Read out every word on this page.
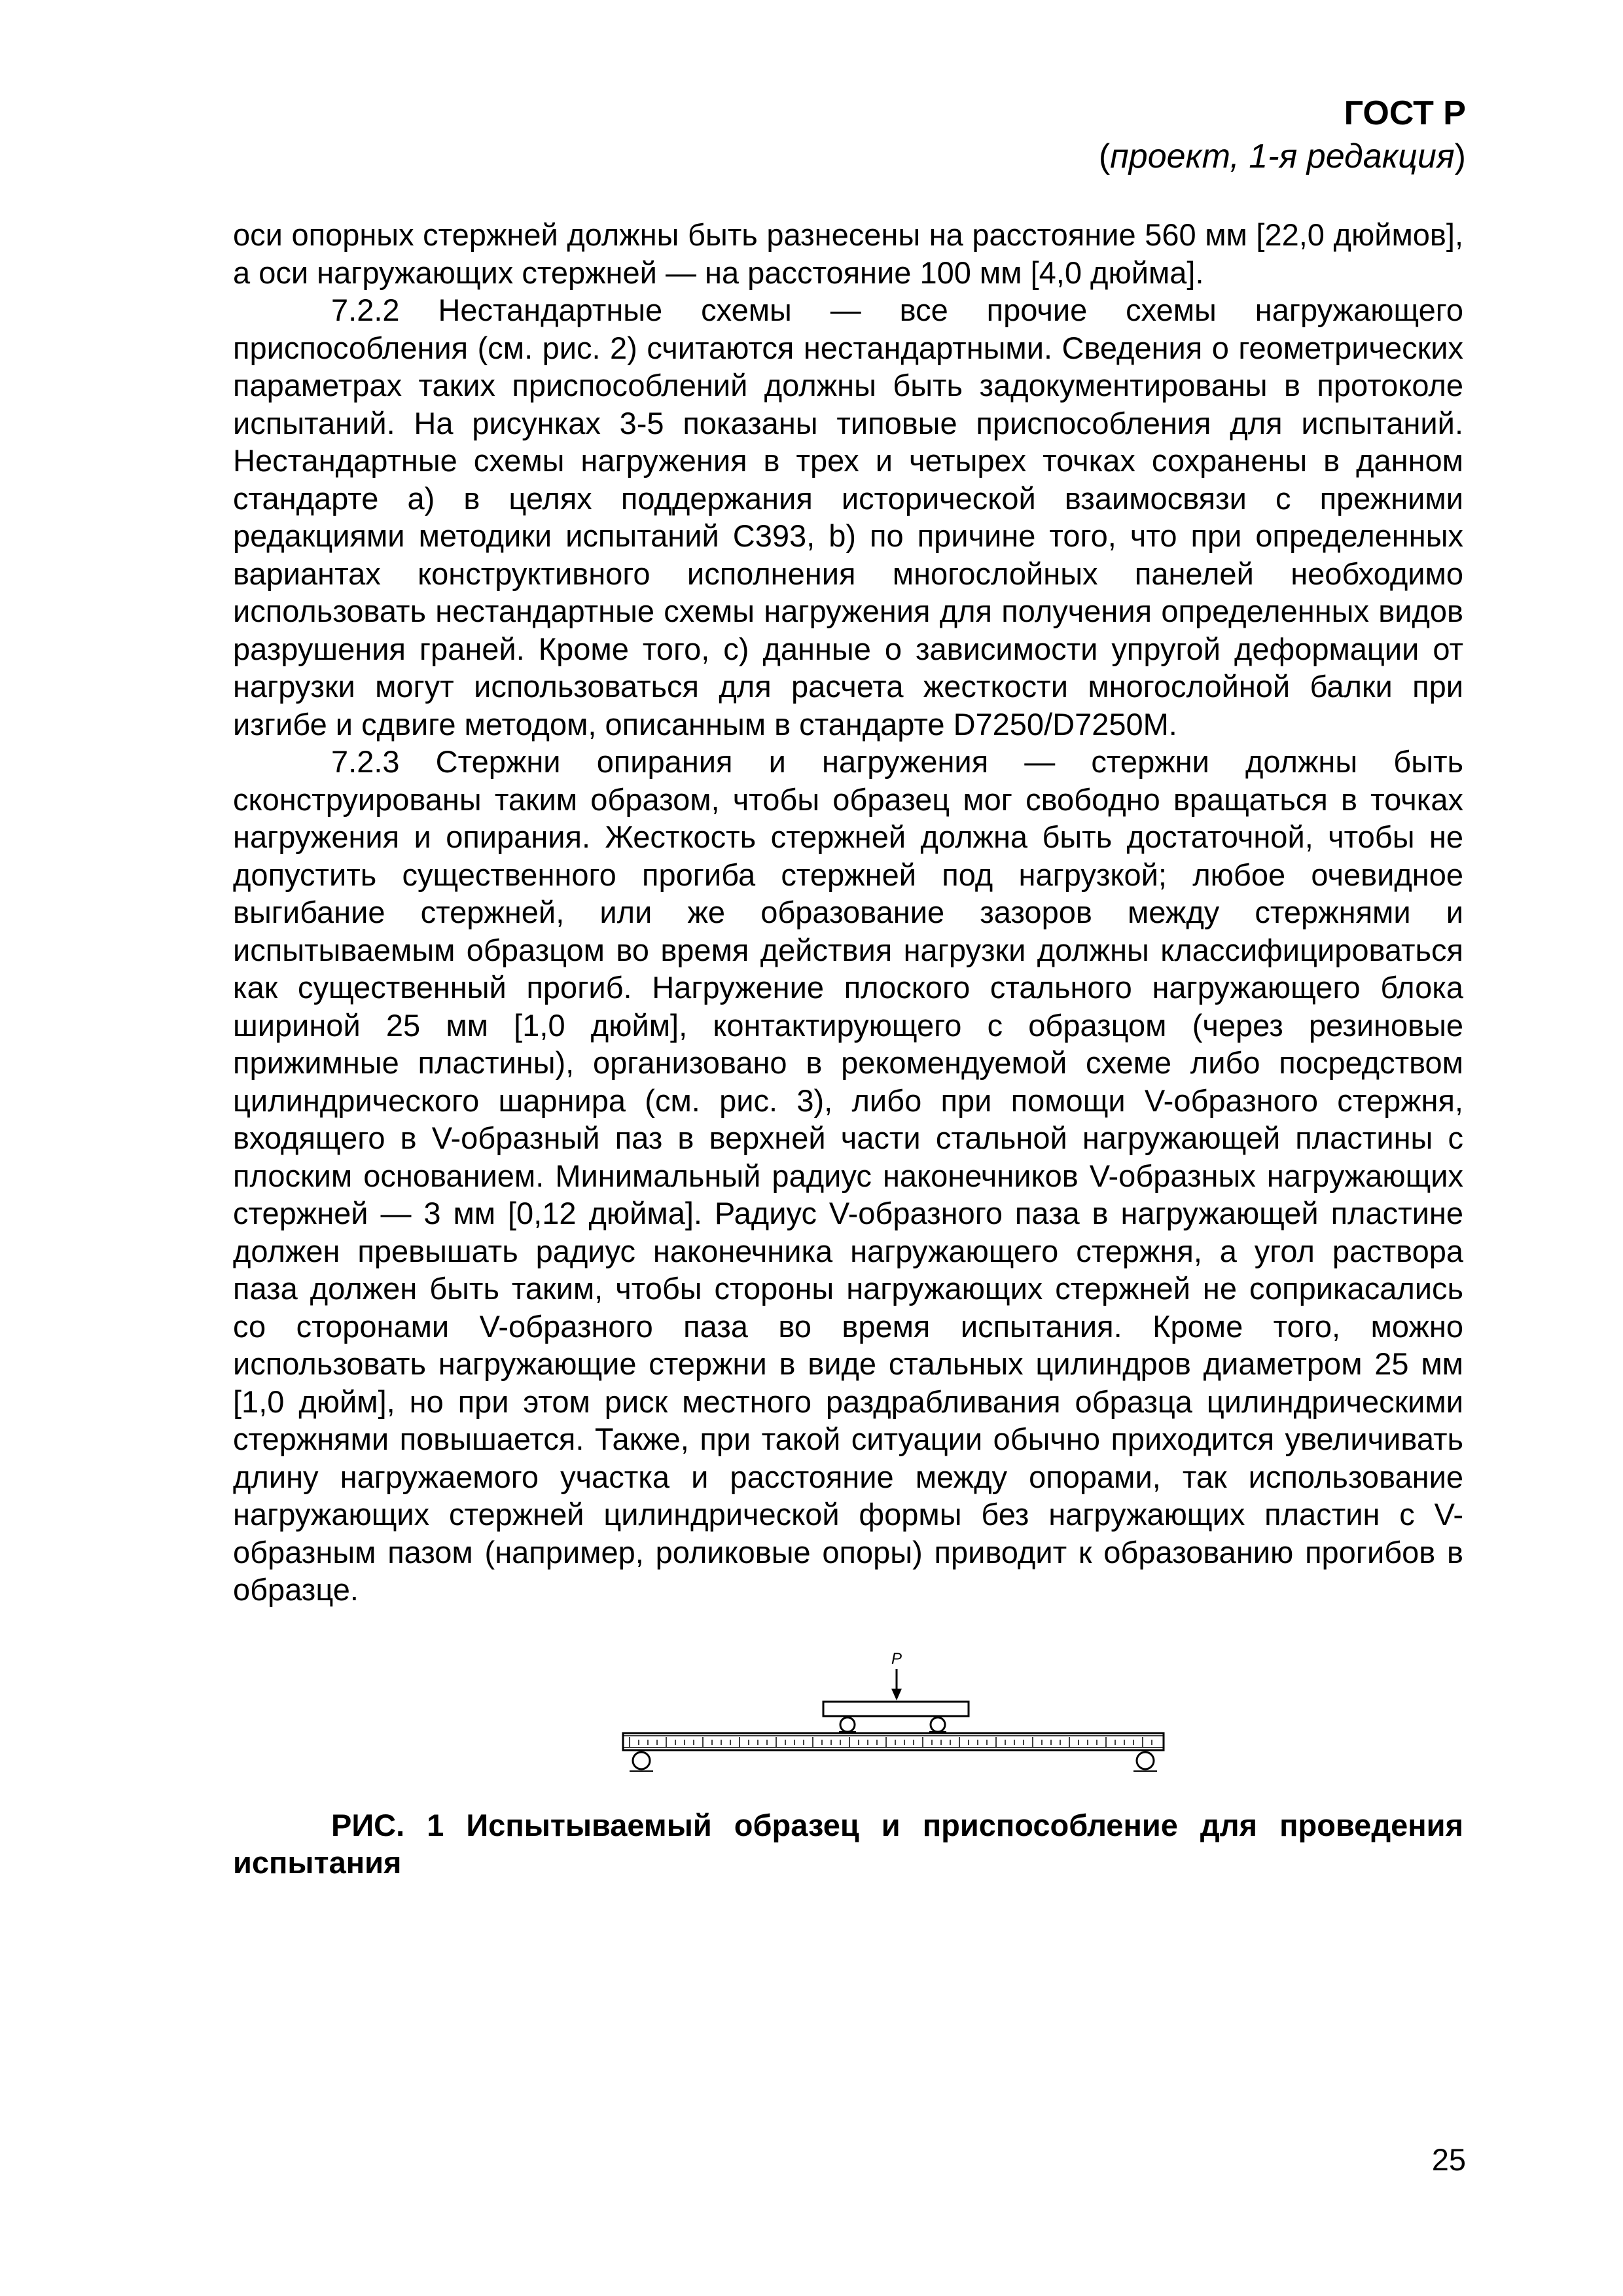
ГОСТ Р
(проект, 1-я редакция)

оси опорных стержней должны быть разнесены на расстояние 560 мм [22,0 дюймов], а оси нагружающих стержней — на расстояние 100 мм [4,0 дюйма].

7.2.2 Нестандартные схемы — все прочие схемы нагружающего приспособления (см. рис. 2) считаются нестандартными. Сведения о геометрических параметрах таких приспособлений должны быть задокументированы в протоколе испытаний. На рисунках 3-5 показаны типовые приспособления для испытаний. Нестандартные схемы нагружения в трех и четырех точках сохранены в данном стандарте а) в целях поддержания исторической взаимосвязи с прежними редакциями методики испытаний C393, b) по причине того, что при определенных вариантах конструктивного исполнения многослойных панелей необходимо использовать нестандартные схемы нагружения для получения определенных видов разрушения граней. Кроме того, c) данные о зависимости упругой деформации от нагрузки могут использоваться для расчета жесткости многослойной балки при изгибе и сдвиге методом, описанным в стандарте D7250/D7250M.

7.2.3 Стержни опирания и нагружения — стержни должны быть сконструированы таким образом, чтобы образец мог свободно вращаться в точках нагружения и опирания. Жесткость стержней должна быть достаточной, чтобы не допустить существенного прогиба стержней под нагрузкой; любое очевидное выгибание стержней, или же образование зазоров между стержнями и испытываемым образцом во время действия нагрузки должны классифицироваться как существенный прогиб. Нагружение плоского стального нагружающего блока шириной 25 мм [1,0 дюйм], контактирующего с образцом (через резиновые прижимные пластины), организовано в рекомендуемой схеме либо посредством цилиндрического шарнира (см. рис. 3), либо при помощи V-образного стержня, входящего в V-образный паз в верхней части стальной нагружающей пластины с плоским основанием. Минимальный радиус наконечников V-образных нагружающих стержней — 3 мм [0,12 дюйма]. Радиус V-образного паза в нагружающей пластине должен превышать радиус наконечника нагружающего стержня, а угол раствора паза должен быть таким, чтобы стороны нагружающих стержней не соприкасались со сторонами V-образного паза во время испытания. Кроме того, можно использовать нагружающие стержни в виде стальных цилиндров диаметром 25 мм [1,0 дюйм], но при этом риск местного раздрабливания образца цилиндрическими стержнями повышается. Также, при такой ситуации обычно приходится увеличивать длину нагружаемого участка и расстояние между опорами, так использование нагружающих стержней цилиндрической формы без нагружающих пластин с V-образным пазом (например, роликовые опоры) приводит к образованию прогибов в образце.

P
РИС. 1 Испытываемый образец и приспособление для проведения испытания
25
